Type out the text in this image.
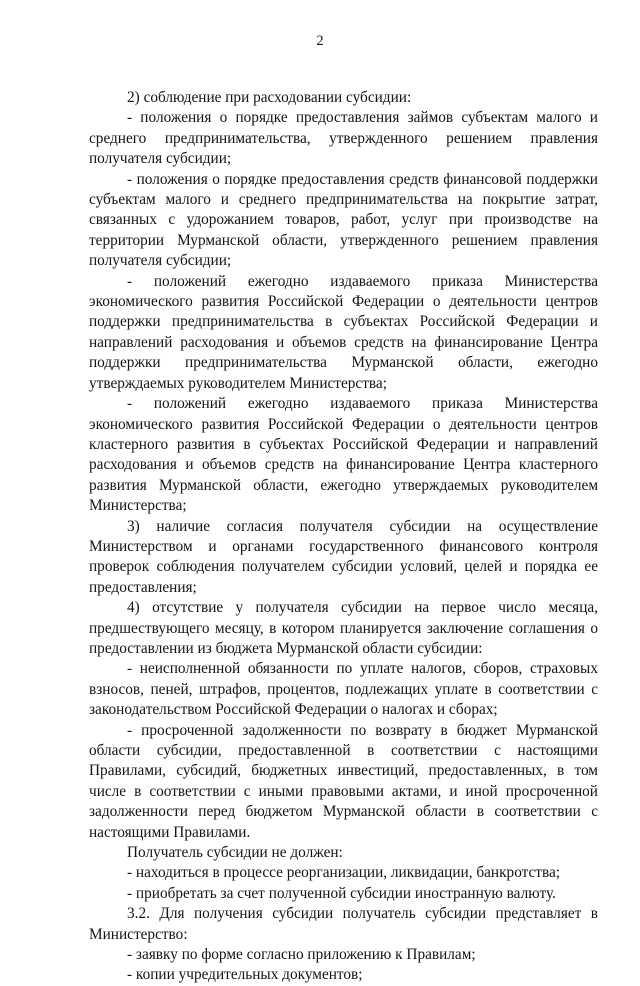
2

2) соблюдение при расходовании субсидии:

- положения о порядке предоставления займов субъектам малого и среднего предпринимательства, утвержденного решением правления получателя субсидии;

- положения о порядке предоставления средств финансовой поддержки субъектам малого и среднего предпринимательства на покрытие затрат, связанных с удорожанием товаров, работ, услуг при производстве на территории Мурманской области, утвержденного решением правления получателя субсидии;

- положений ежегодно издаваемого приказа Министерства экономического развития Российской Федерации о деятельности центров поддержки предпринимательства в субъектах Российской Федерации и направлений расходования и объемов средств на финансирование Центра поддержки предпринимательства Мурманской области, ежегодно утверждаемых руководителем Министерства;

- положений ежегодно издаваемого приказа Министерства экономического развития Российской Федерации о деятельности центров кластерного развития в субъектах Российской Федерации и направлений расходования и объемов средств на финансирование Центра кластерного развития Мурманской области, ежегодно утверждаемых руководителем Министерства;

3) наличие согласия получателя субсидии на осуществление Министерством и органами государственного финансового контроля проверок соблюдения получателем субсидии условий, целей и порядка ее предоставления;

4) отсутствие у получателя субсидии на первое число месяца, предшествующего месяцу, в котором планируется заключение соглашения о предоставлении из бюджета Мурманской области субсидии:

- неисполненной обязанности по уплате налогов, сборов, страховых взносов, пеней, штрафов, процентов, подлежащих уплате в соответствии с законодательством Российской Федерации о налогах и сборах;

- просроченной задолженности по возврату в бюджет Мурманской области субсидии, предоставленной в соответствии с настоящими Правилами, субсидий, бюджетных инвестиций, предоставленных, в том числе в соответствии с иными правовыми актами, и иной просроченной задолженности перед бюджетом Мурманской области в соответствии с настоящими Правилами.

Получатель субсидии не должен:

- находиться в процессе реорганизации, ликвидации, банкротства;

- приобретать за счет полученной субсидии иностранную валюту.

3.2. Для получения субсидии получатель субсидии представляет в Министерство:

- заявку по форме согласно приложению к Правилам;

- копии учредительных документов;
